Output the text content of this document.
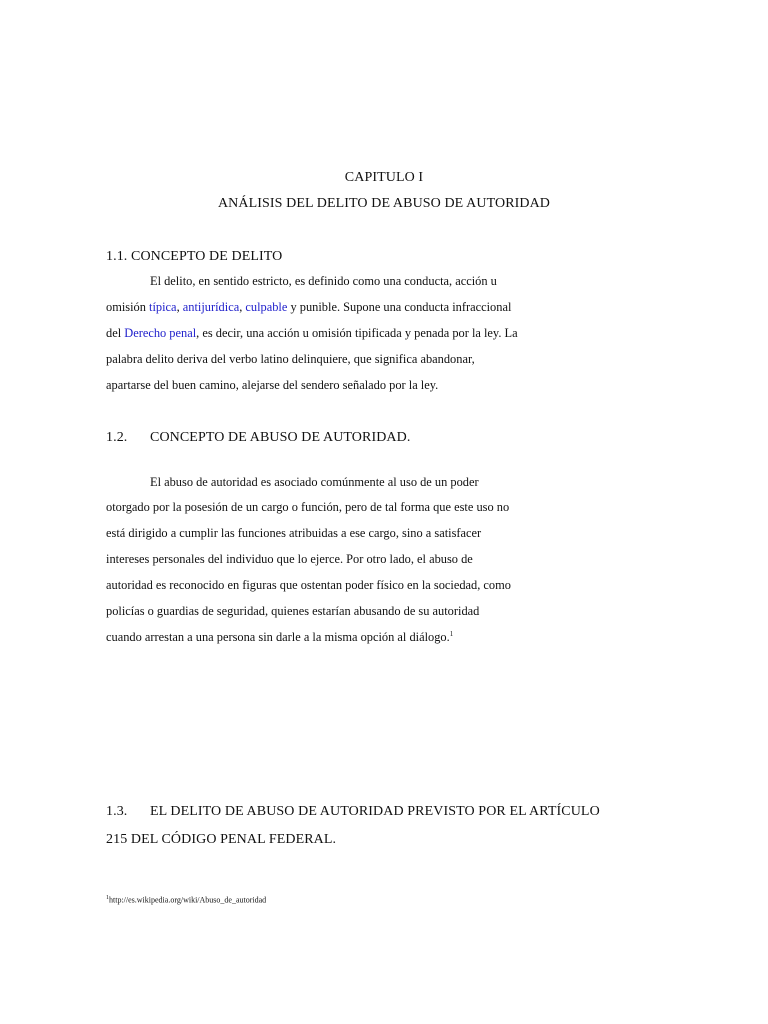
CAPITULO I
ANÁLISIS DEL DELITO DE ABUSO DE AUTORIDAD
1.1. CONCEPTO DE DELITO
El delito, en sentido estricto, es definido como una conducta, acción u
omisión típica, antijurídica, culpable y punible. Supone una conducta infraccional
del Derecho penal, es decir, una acción u omisión tipificada y penada por la ley. La
palabra delito deriva del verbo latino delinquiere, que significa abandonar,
apartarse del buen camino, alejarse del sendero señalado por la ley.
1.2. CONCEPTO DE ABUSO DE AUTORIDAD.
El abuso de autoridad es asociado comúnmente al uso de un poder
otorgado por la posesión de un cargo o función, pero de tal forma que este uso no
está dirigido a cumplir las funciones atribuidas a ese cargo, sino a satisfacer
intereses personales del individuo que lo ejerce. Por otro lado, el abuso de
autoridad es reconocido en figuras que ostentan poder físico en la sociedad, como
policías o guardias de seguridad, quienes estarían abusando de su autoridad
cuando arrestan a una persona sin darle a la misma opción al diálogo.$^1$
1.3. EL DELITO DE ABUSO DE AUTORIDAD PREVISTO POR EL ARTÍCULO
215 DEL CÓDIGO PENAL FEDERAL.
$^1$http://es.wikipedia.org/wiki/Abuso_de_autoridad
